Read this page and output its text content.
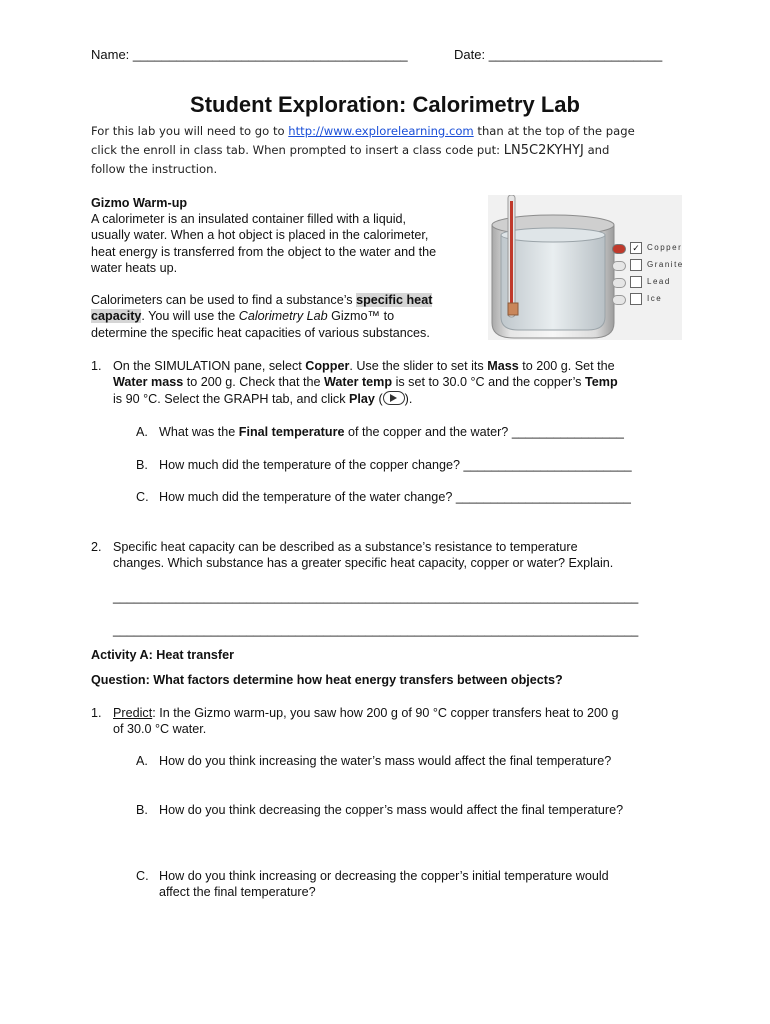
Name: ______________________________________	Date: ________________________
Student Exploration: Calorimetry Lab
For this lab you will need to go to http://www.explorelearning.com than at the top of the page
click the enroll in class tab. When prompted to insert a class code put: LN5C2KYHYJ and
follow the instruction.
Gizmo Warm-up
A calorimeter is an insulated container filled with a liquid,
usually water. When a hot object is placed in the calorimeter,
heat energy is transferred from the object to the water and the
water heats up.
Calorimeters can be used to find a substance’s specific heat
capacity. You will use the Calorimetry Lab Gizmo™ to
determine the specific heat capacities of various substances.
✓ Copper
Granite
Lead
Ice
1. On the SIMULATION pane, select Copper. Use the slider to set its Mass to 200 g. Set the
Water mass to 200 g. Check that the Water temp is set to 30.0 °C and the copper’s Temp
is 90 °C. Select the GRAPH tab, and click Play ( ).
A. What was the Final temperature of the copper and the water? ________________
B. How much did the temperature of the copper change? ________________________
C. How much did the temperature of the water change? _________________________
2. Specific heat capacity can be described as a substance’s resistance to temperature
changes. Which substance has a greater specific heat capacity, copper or water? Explain.
___________________________________________________________________________
___________________________________________________________________________
Activity A: Heat transfer
Question: What factors determine how heat energy transfers between objects?
1. Predict: In the Gizmo warm-up, you saw how 200 g of 90 °C copper transfers heat to 200 g
of 30.0 °C water.
A. How do you think increasing the water’s mass would affect the final temperature?
B. How do you think decreasing the copper’s mass would affect the final temperature?
C. How do you think increasing or decreasing the copper’s initial temperature would
affect the final temperature?
